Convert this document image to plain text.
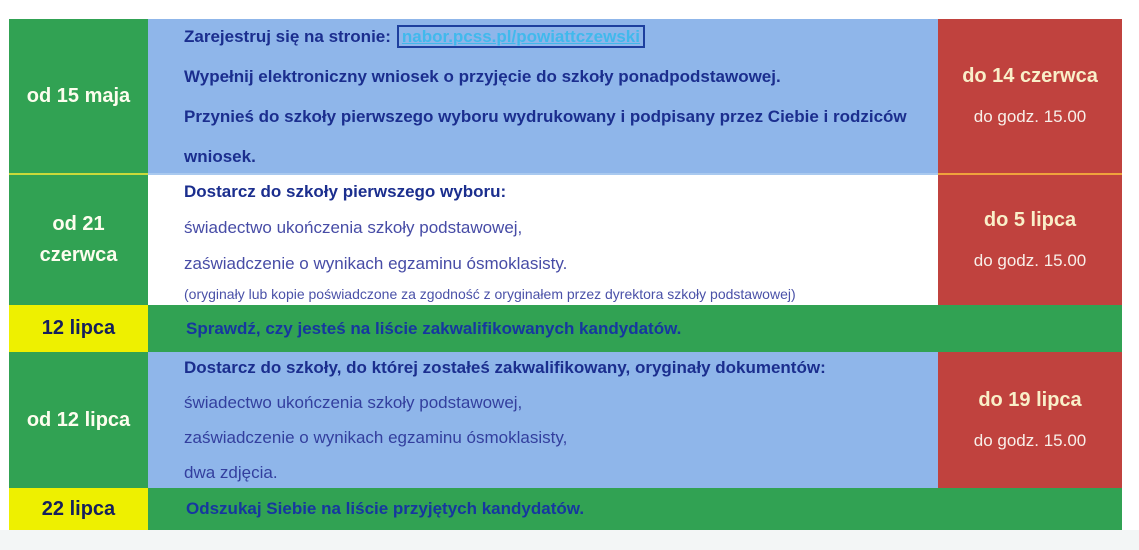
od 15 maja
Zarejestruj się na stronie: nabor.pcss.pl/powiattczewski
Wypełnij elektroniczny wniosek o przyjęcie do szkoły ponadpodstawowej.
Przynieś do szkoły pierwszego wyboru wydrukowany i podpisany przez Ciebie i rodziców
wniosek.
do 14 czerwca
do godz. 15.00
od 21 czerwca
Dostarcz do szkoły pierwszego wyboru:
świadectwo ukończenia szkoły podstawowej,
zaświadczenie o wynikach egzaminu ósmoklasisty.
(oryginały lub kopie poświadczone za zgodność z oryginałem przez dyrektora szkoły podstawowej)
do 5 lipca
do godz. 15.00
12 lipca	Sprawdź, czy jesteś na liście zakwalifikowanych kandydatów.
od 12 lipca
Dostarcz do szkoły, do której zostałeś zakwalifikowany, oryginały dokumentów:
świadectwo ukończenia szkoły podstawowej,
zaświadczenie o wynikach egzaminu ósmoklasisty,
dwa zdjęcia.
do 19 lipca
do godz. 15.00
22 lipca	Odszukaj Siebie na liście przyjętych kandydatów.
